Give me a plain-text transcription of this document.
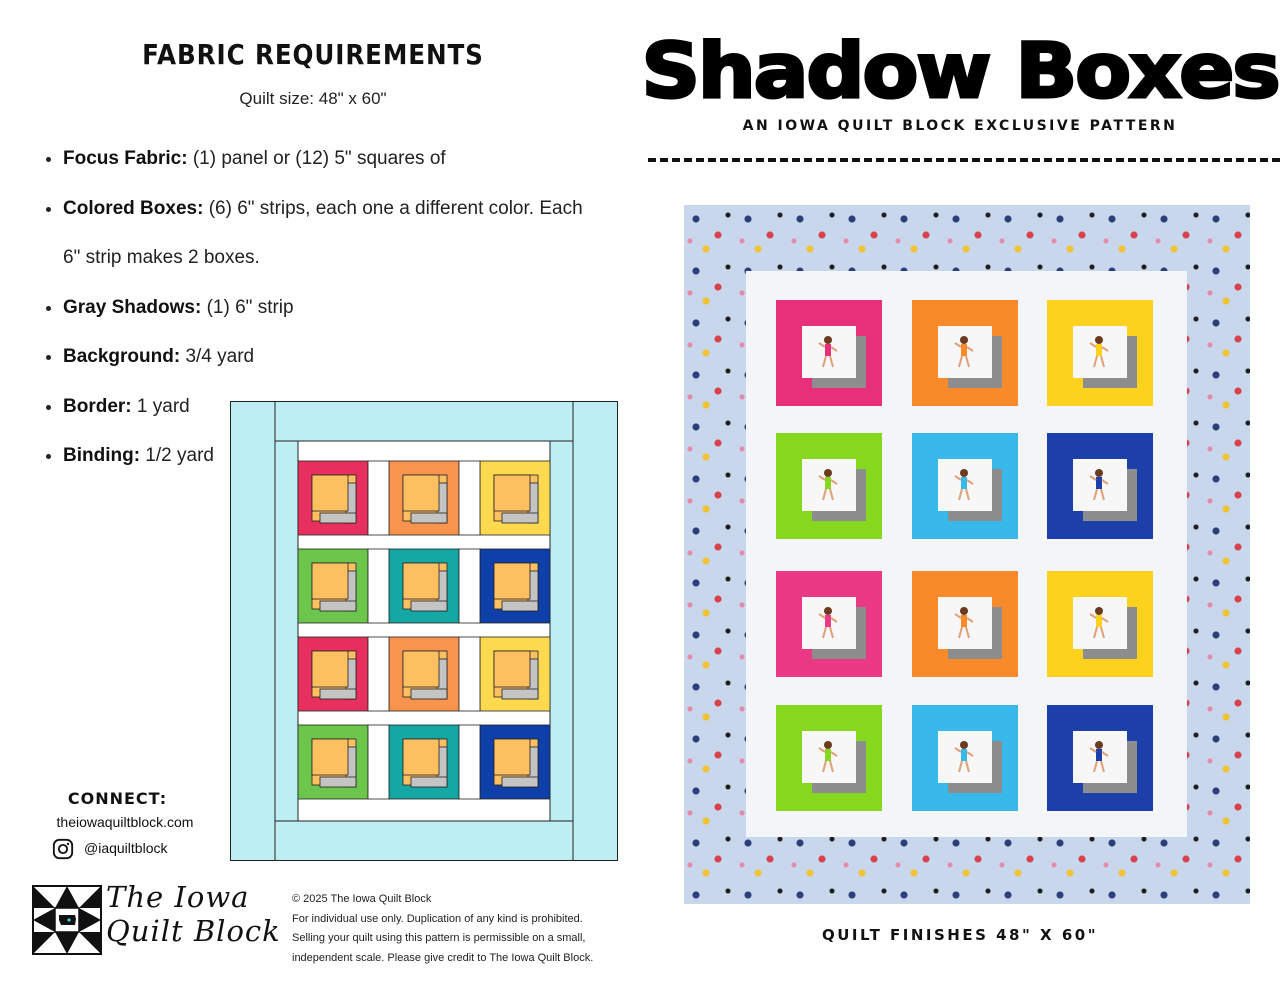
FABRIC REQUIREMENTS
Quilt size: 48" x 60"
• Focus Fabric: (1) panel or (12) 5" squares of
• Colored Boxes: (6) 6" strips, each one a different color. Each
6" strip makes 2 boxes.
• Gray Shadows: (1) 6" strip
• Background: 3/4 yard
• Border: 1 yard
• Binding: 1/2 yard
CONNECT:
theiowaquiltblock.com
@iaquiltblock
The Iowa
Quilt Block
© 2025 The Iowa Quilt Block
For individual use only. Duplication of any kind is prohibited.
Selling your quilt using this pattern is permissible on a small,
independent scale. Please give credit to The Iowa Quilt Block.
Shadow Boxes
AN IOWA QUILT BLOCK EXCLUSIVE PATTERN
QUILT FINISHES 48" X 60"
